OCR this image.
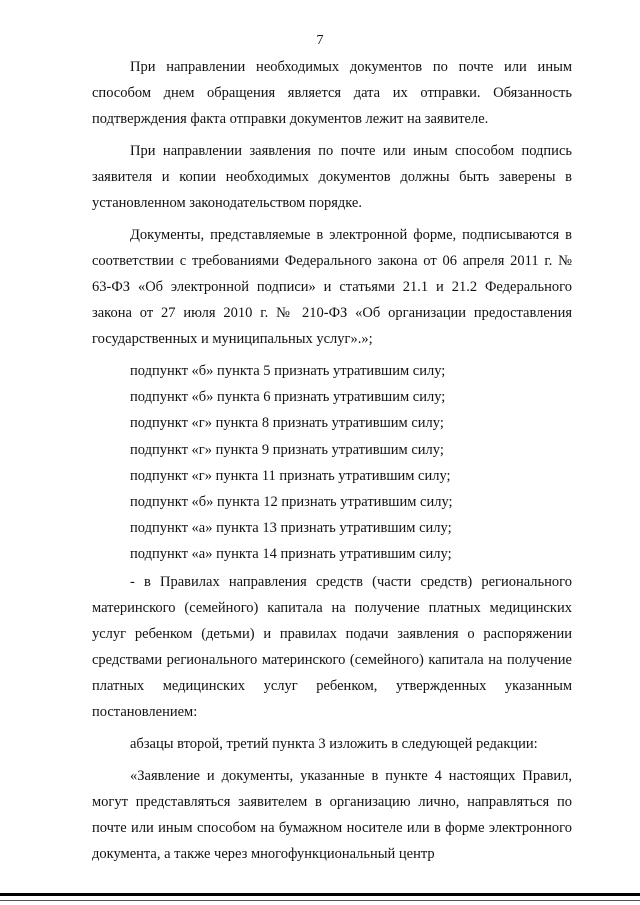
7

При направлении необходимых документов по почте или иным способом днем обращения является дата их отправки. Обязанность подтверждения факта отправки документов лежит на заявителе.

При направлении заявления по почте или иным способом подпись заявителя и копии необходимых документов должны быть заверены в установленном законодательством порядке.

Документы, представляемые в электронной форме, подписываются в соответствии с требованиями Федерального закона от 06 апреля 2011 г. № 63-ФЗ «Об электронной подписи» и статьями 21.1 и 21.2 Федерального закона от 27 июля 2010 г. № 210-ФЗ «Об организации предоставления государственных и муниципальных услуг».»;

подпункт «б» пункта 5 признать утратившим силу;

подпункт «б» пункта 6 признать утратившим силу;

подпункт «г» пункта 8 признать утратившим силу;

подпункт «г» пункта 9 признать утратившим силу;

подпункт «г» пункта 11 признать утратившим силу;

подпункт «б» пункта 12 признать утратившим силу;

подпункт «а» пункта 13 признать утратившим силу;

подпункт «а» пункта 14 признать утратившим силу;

- в Правилах направления средств (части средств) регионального материнского (семейного) капитала на получение платных медицинских услуг ребенком (детьми) и правилах подачи заявления о распоряжении средствами регионального материнского (семейного) капитала на получение платных медицинских услуг ребенком, утвержденных указанным постановлением:

абзацы второй, третий пункта 3 изложить в следующей редакции:

«Заявление и документы, указанные в пункте 4 настоящих Правил, могут представляться заявителем в организацию лично, направляться по почте или иным способом на бумажном носителе или в форме электронного документа, а также через многофункциональный центр
